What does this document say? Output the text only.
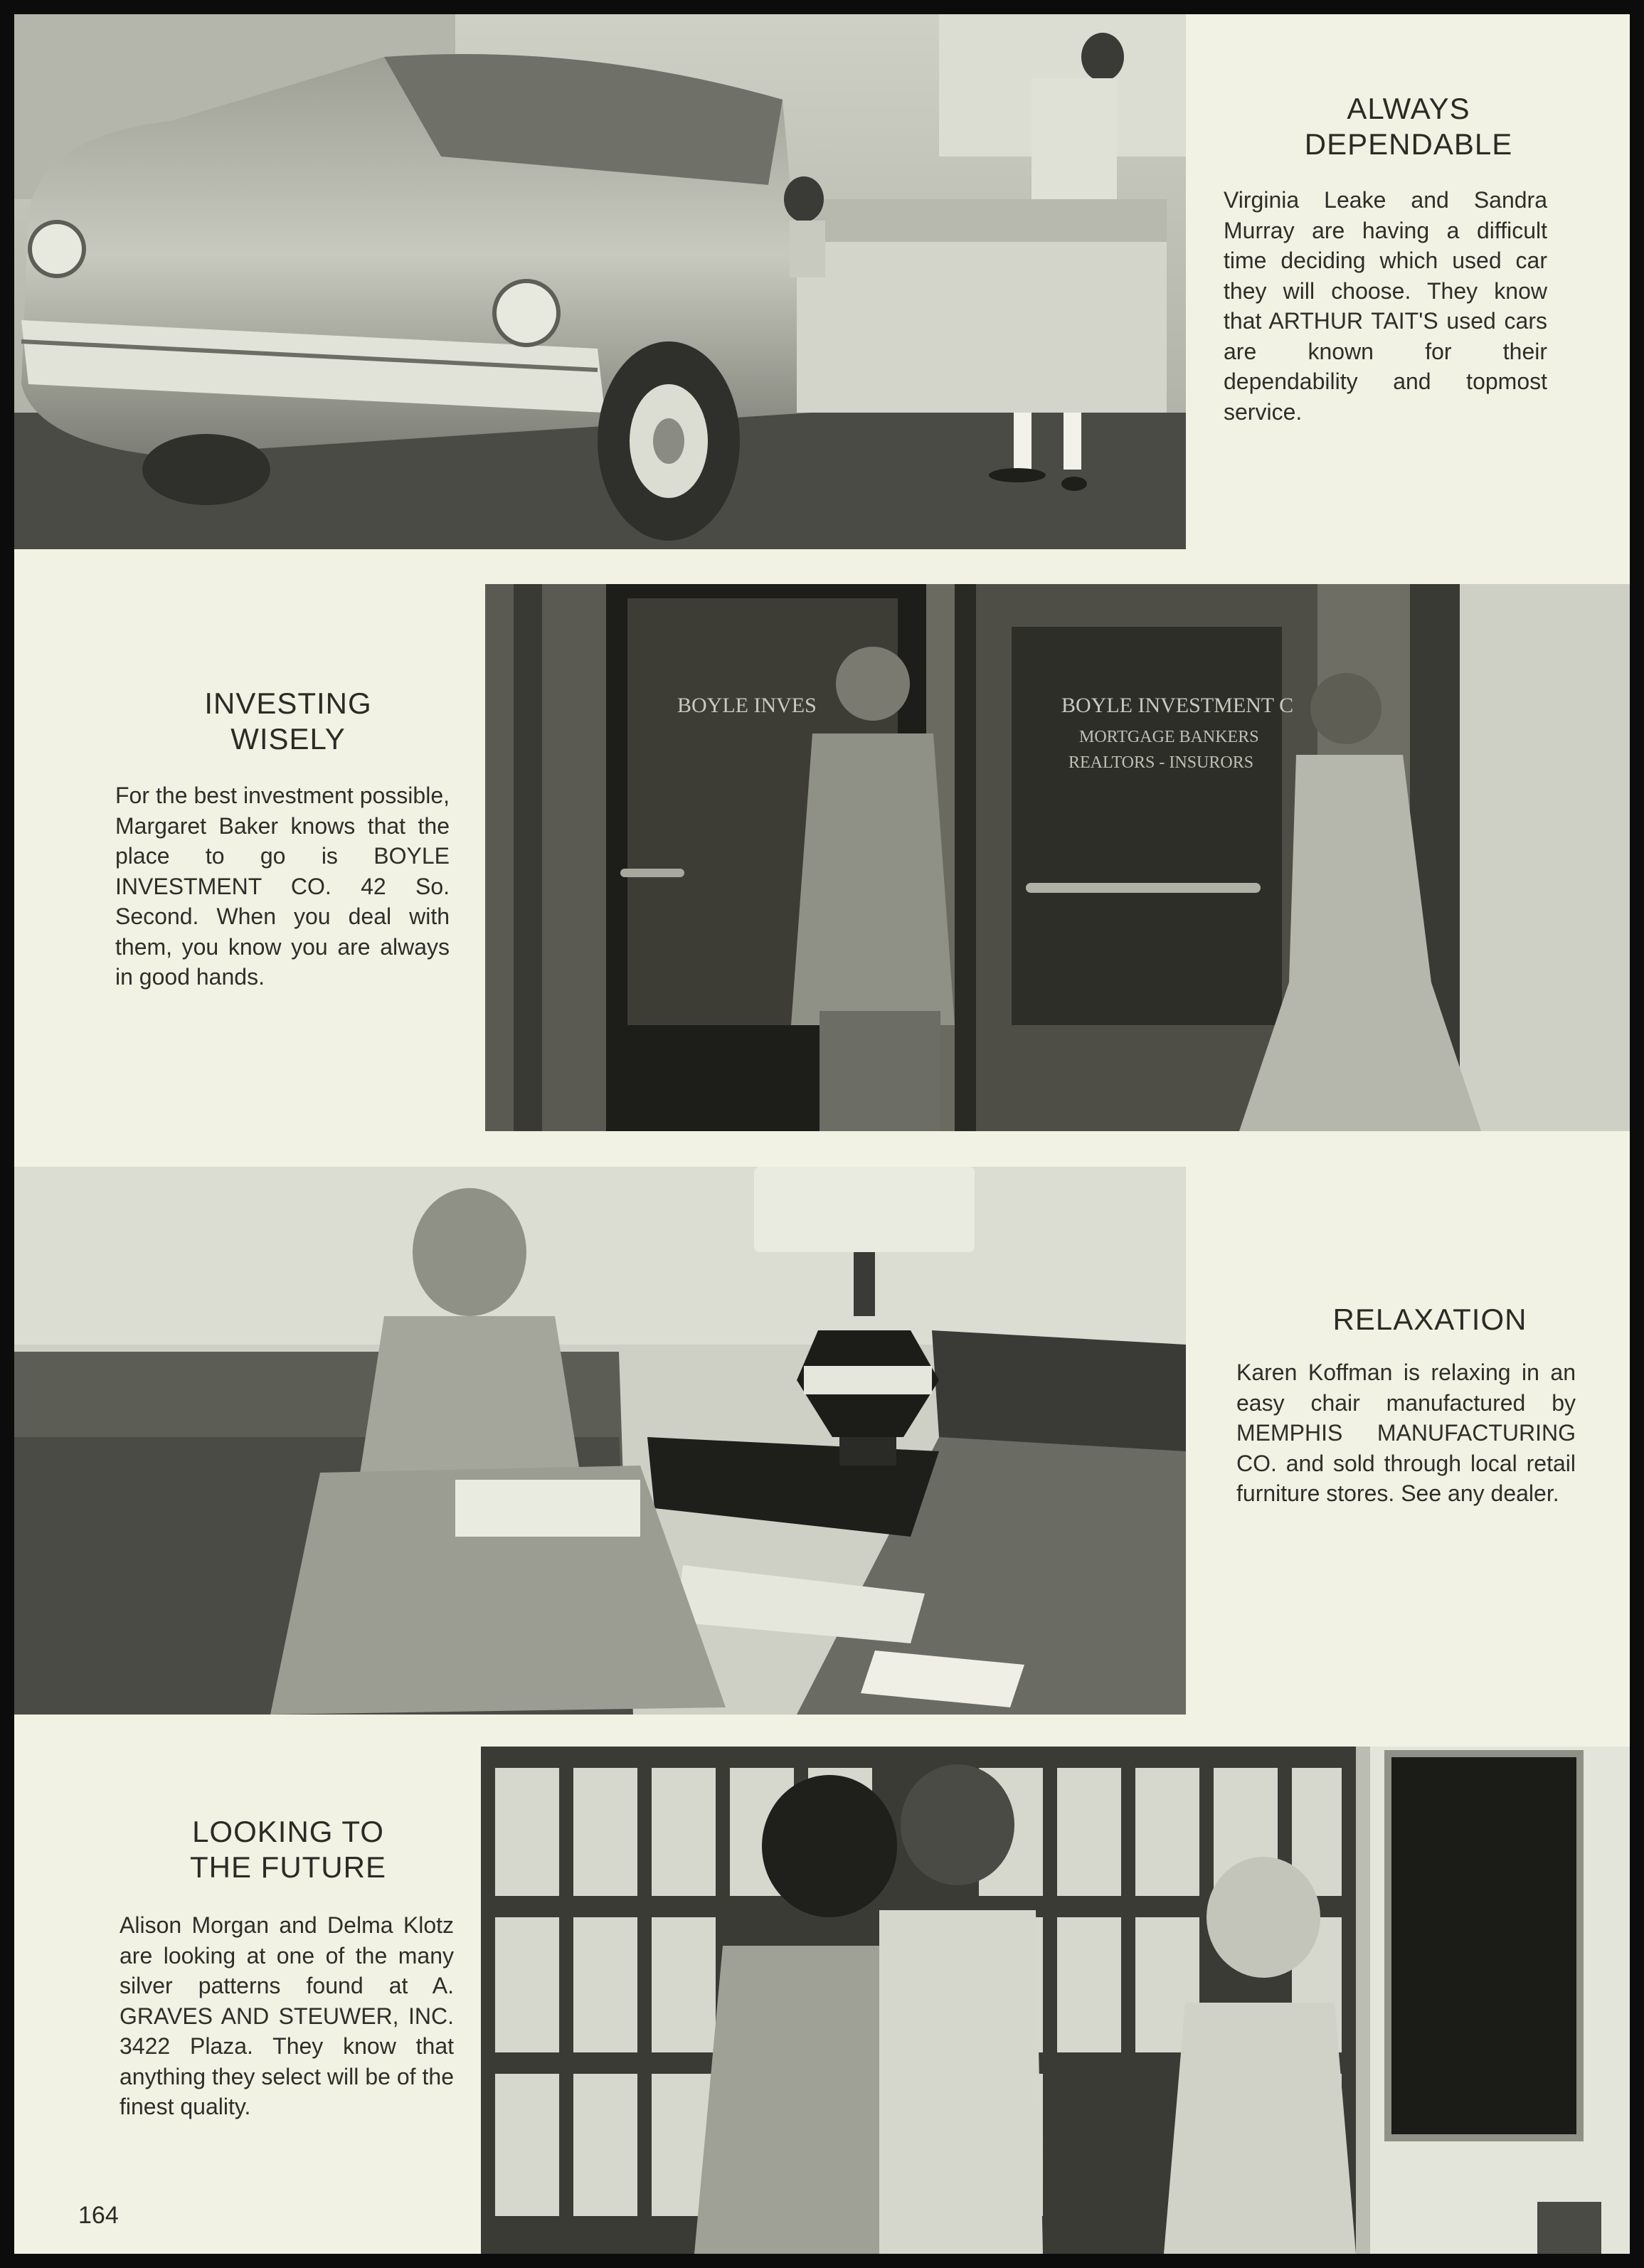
ALWAYS
DEPENDABLE

Virginia Leake and Sandra Murray are having a difficult time deciding which used car they will choose. They know that ARTHUR TAIT'S used cars are known for their dependability and topmost service.

INVESTING
WISELY

For the best investment possible, Margaret Baker knows that the place to go is BOYLE INVESTMENT CO. 42 So. Second. When you deal with them, you know you are always in good hands.

BOYLE INVES	BOYLE INVESTMENT C
MORTGAGE BANKERS
REALTORS - INSURORS
RELAXATION

Karen Koffman is relaxing in an easy chair manufactured by MEMPHIS MANUFACTURING CO. and sold through local retail furniture stores. See any dealer.

LOOKING TO
THE FUTURE

Alison Morgan and Delma Klotz are looking at one of the many silver patterns found at A. GRAVES AND STEUWER, INC. 3422 Plaza. They know that anything they select will be of the finest quality.

164
